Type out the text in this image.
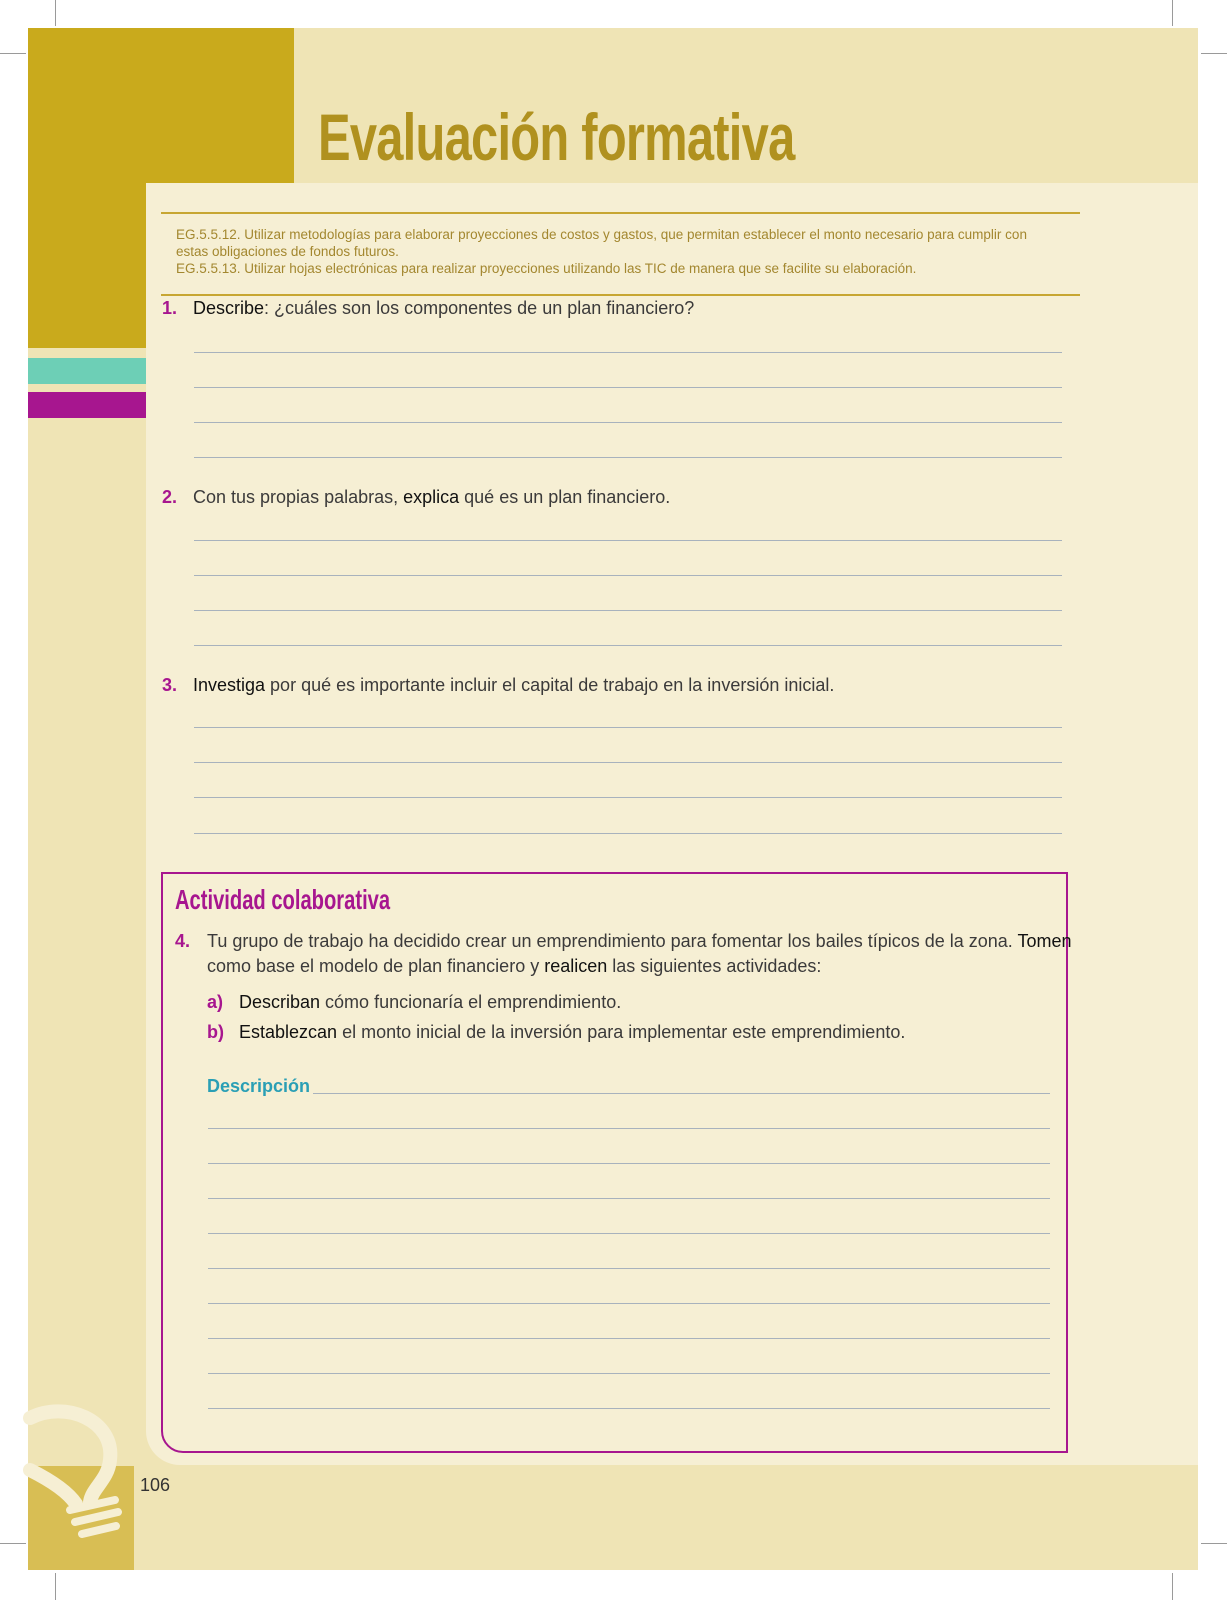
Evaluación formativa
EG.5.5.12. Utilizar metodologías para elaborar proyecciones de costos y gastos, que permitan establecer el monto necesario para cumplir con
estas obligaciones de fondos futuros.
EG.5.5.13. Utilizar hojas electrónicas para realizar proyecciones utilizando las TIC de manera que se facilite su elaboración.
1. Describe: ¿cuáles son los componentes de un plan financiero?
2. Con tus propias palabras, explica qué es un plan financiero.
3. Investiga por qué es importante incluir el capital de trabajo en la inversión inicial.
Actividad colaborativa
4. Tu grupo de trabajo ha decidido crear un emprendimiento para fomentar los bailes típicos de la zona. Tomen
como base el modelo de plan financiero y realicen las siguientes actividades:
a) Describan cómo funcionaría el emprendimiento.
b) Establezcan el monto inicial de la inversión para implementar este emprendimiento.
Descripción
106
